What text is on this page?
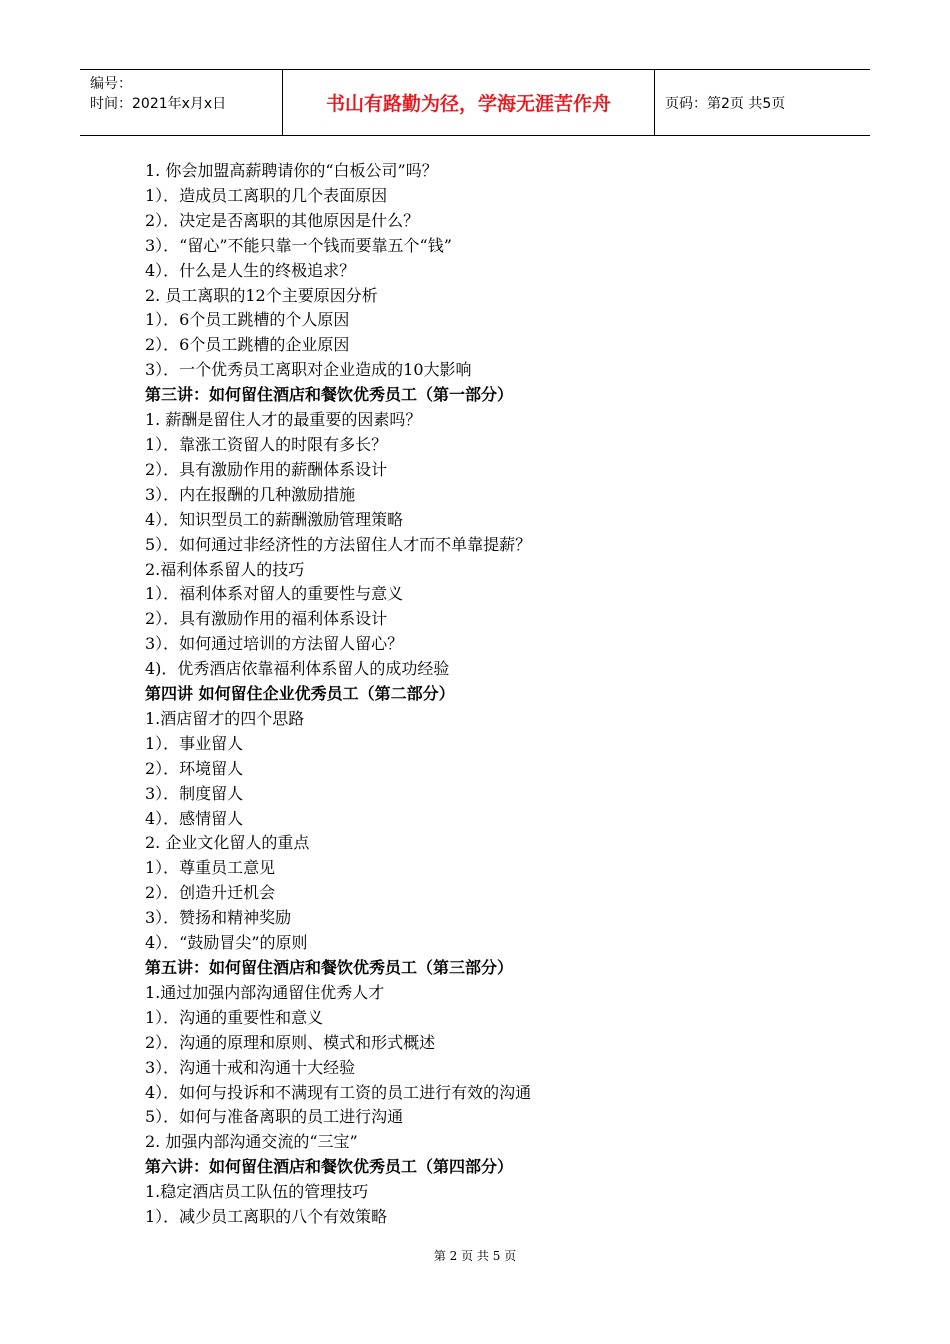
编号：
时间：2021年x月x日	书山有路勤为径，学海无涯苦作舟	页码：第2页 共5页
1. 你会加盟高薪聘请你的“白板公司”吗？
1）．造成员工离职的几个表面原因
2）．决定是否离职的其他原因是什么？
3）．“留心”不能只靠一个钱而要靠五个“钱”
4）．什么是人生的终极追求？
2. 员工离职的12个主要原因分析
1）．6个员工跳槽的个人原因
2）．6个员工跳槽的企业原因
3）．一个优秀员工离职对企业造成的10大影响
第三讲：如何留住酒店和餐饮优秀员工（第一部分）
1. 薪酬是留住人才的最重要的因素吗？
1）．靠涨工资留人的时限有多长？
2）．具有激励作用的薪酬体系设计
3）．内在报酬的几种激励措施
4）．知识型员工的薪酬激励管理策略
5）．如何通过非经济性的方法留住人才而不单靠提薪？
2.福利体系留人的技巧
1）．福利体系对留人的重要性与意义
2）．具有激励作用的福利体系设计
3）．如何通过培训的方法留人留心？
4)．优秀酒店依靠福利体系留人的成功经验
第四讲 如何留住企业优秀员工（第二部分）
1.酒店留才的四个思路
1）．事业留人
2）．环境留人
3）．制度留人
4）．感情留人
2. 企业文化留人的重点
1）．尊重员工意见
2）．创造升迁机会
3）．赞扬和精神奖励
4）．“鼓励冒尖”的原则
第五讲：如何留住酒店和餐饮优秀员工（第三部分）
1.通过加强内部沟通留住优秀人才
1）．沟通的重要性和意义
2）．沟通的原理和原则、模式和形式概述
3）．沟通十戒和沟通十大经验
4）．如何与投诉和不满现有工资的员工进行有效的沟通
5）．如何与准备离职的员工进行沟通
2. 加强内部沟通交流的“三宝”
第六讲：如何留住酒店和餐饮优秀员工（第四部分）
1.稳定酒店员工队伍的管理技巧
1）．减少员工离职的八个有效策略
第 2 页 共 5 页
